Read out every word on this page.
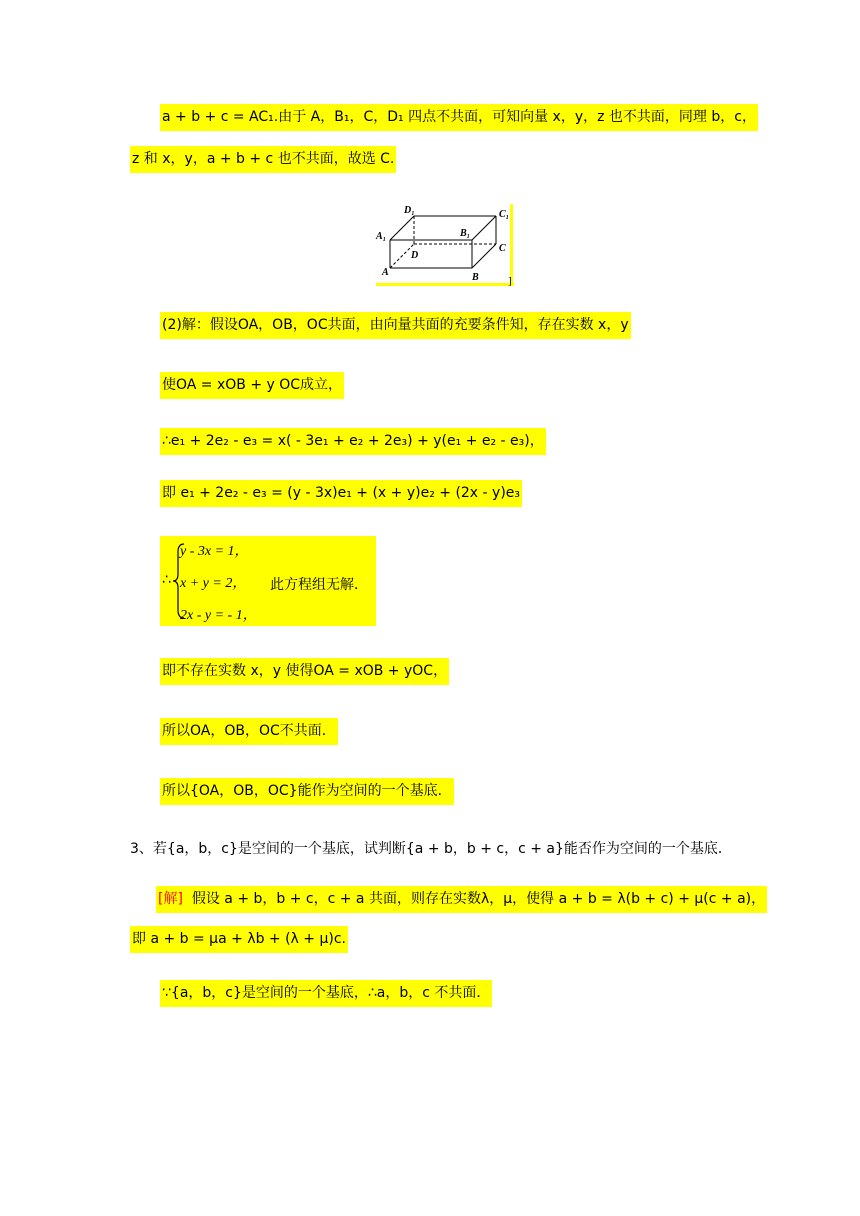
a + b + c = AC₁.由于 A，B₁，C，D₁ 四点不共面，可知向量 x，y，z 也不共面，同理 b，c，
z 和 x，y，a + b + c 也不共面，故选 C.
D₁	C₁
A₁	B₁
C
D
A	B	]
(2)解：假设OA，OB，OC共面，由向量共面的充要条件知，存在实数 x，y
使OA = xOB + y OC成立，
∴e₁ + 2e₂ - e₃ = x( - 3e₁ + e₂ + 2e₃) + y(e₁ + e₂ - e₃)，
即 e₁ + 2e₂ - e₃ = (y - 3x)e₁ + (x + y)e₂ + (2x - y)e₃
∴
y - 3x = 1，
x + y = 2，
2x - y = - 1，
此方程组无解．
即不存在实数 x，y 使得OA = xOB + yOC，
所以OA，OB，OC不共面．
所以{OA，OB，OC}能作为空间的一个基底．
3、若{a，b，c}是空间的一个基底，试判断{a + b，b + c，c + a}能否作为空间的一个基底．
[解] 假设 a + b，b + c，c + a 共面，则存在实数λ，μ，使得 a + b = λ(b + c) + μ(c + a)，
即 a + b = μa + λb + (λ + μ)c.
∵{a，b，c}是空间的一个基底，∴a，b，c 不共面．
